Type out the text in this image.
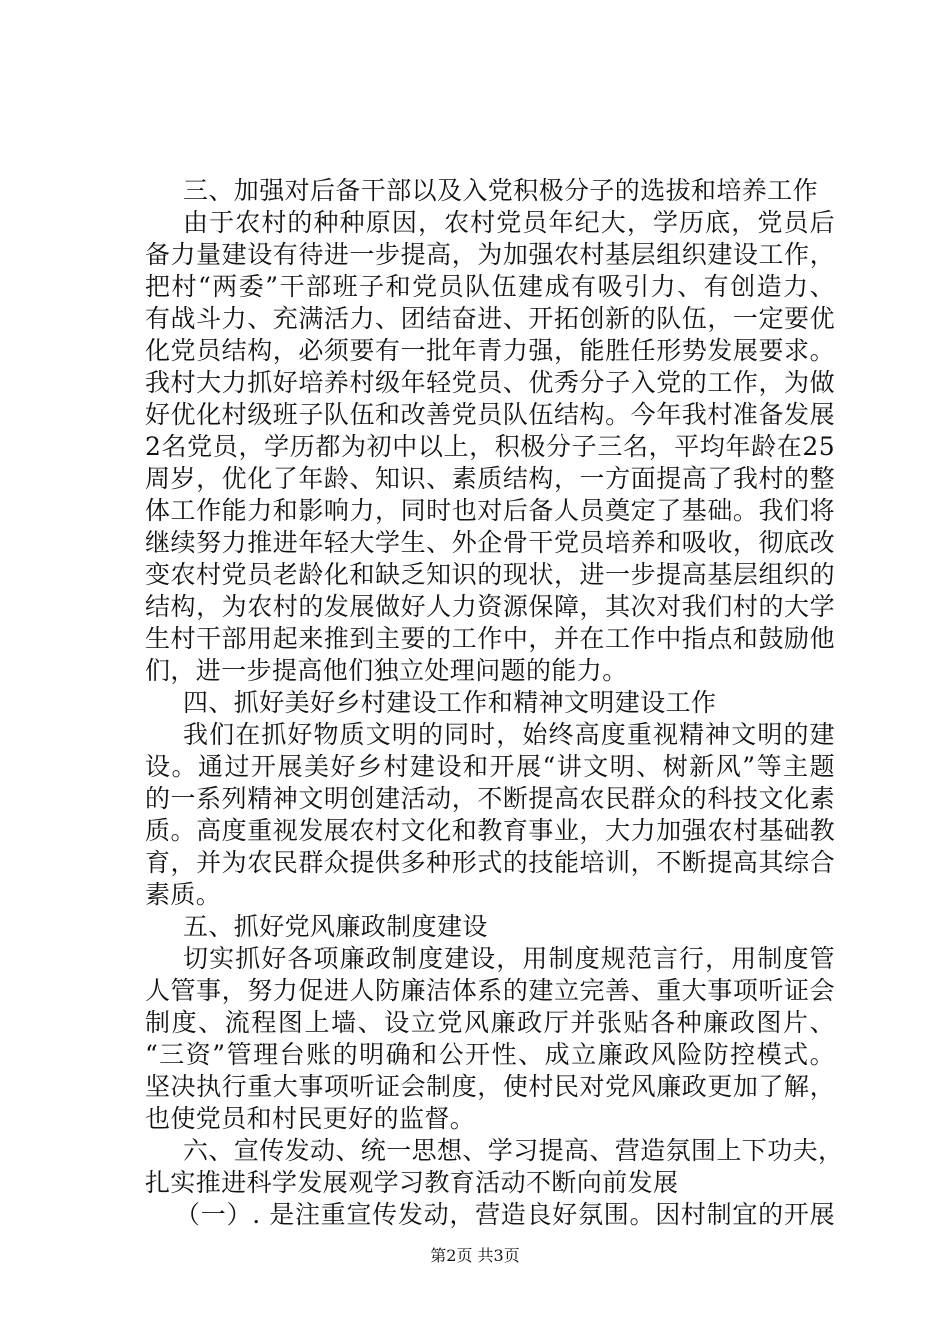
三、加强对后备干部以及入党积极分子的选拔和培养工作
由于农村的种种原因，农村党员年纪大，学历底，党员后
备力量建设有待进一步提高，为加强农村基层组织建设工作，
把村“两委”干部班子和党员队伍建成有吸引力、有创造力、
有战斗力、充满活力、团结奋进、开拓创新的队伍，一定要优
化党员结构，必须要有一批年青力强，能胜任形势发展要求。
我村大力抓好培养村级年轻党员、优秀分子入党的工作，为做
好优化村级班子队伍和改善党员队伍结构。今年我村准备发展
2名党员，学历都为初中以上，积极分子三名，平均年龄在25
周岁，优化了年龄、知识、素质结构，一方面提高了我村的整
体工作能力和影响力，同时也对后备人员奠定了基础。我们将
继续努力推进年轻大学生、外企骨干党员培养和吸收，彻底改
变农村党员老龄化和缺乏知识的现状，进一步提高基层组织的
结构，为农村的发展做好人力资源保障，其次对我们村的大学
生村干部用起来推到主要的工作中，并在工作中指点和鼓励他
们，进一步提高他们独立处理问题的能力。
四、抓好美好乡村建设工作和精神文明建设工作
我们在抓好物质文明的同时，始终高度重视精神文明的建
设。通过开展美好乡村建设和开展“讲文明、树新风”等主题
的一系列精神文明创建活动，不断提高农民群众的科技文化素
质。高度重视发展农村文化和教育事业，大力加强农村基础教
育，并为农民群众提供多种形式的技能培训，不断提高其综合
素质。
五、抓好党风廉政制度建设
切实抓好各项廉政制度建设，用制度规范言行，用制度管
人管事，努力促进人防廉洁体系的建立完善、重大事项听证会
制度、流程图上墙、设立党风廉政厅并张贴各种廉政图片、
“三资”管理台账的明确和公开性、成立廉政风险防控模式。
坚决执行重大事项听证会制度，使村民对党风廉政更加了解，
也使党员和村民更好的监督。
六、宣传发动、统一思想、学习提高、营造氛围上下功夫，
扎实推进科学发展观学习教育活动不断向前发展
（一）. 是注重宣传发动，营造良好氛围。因村制宜的开展
第2页 共3页
